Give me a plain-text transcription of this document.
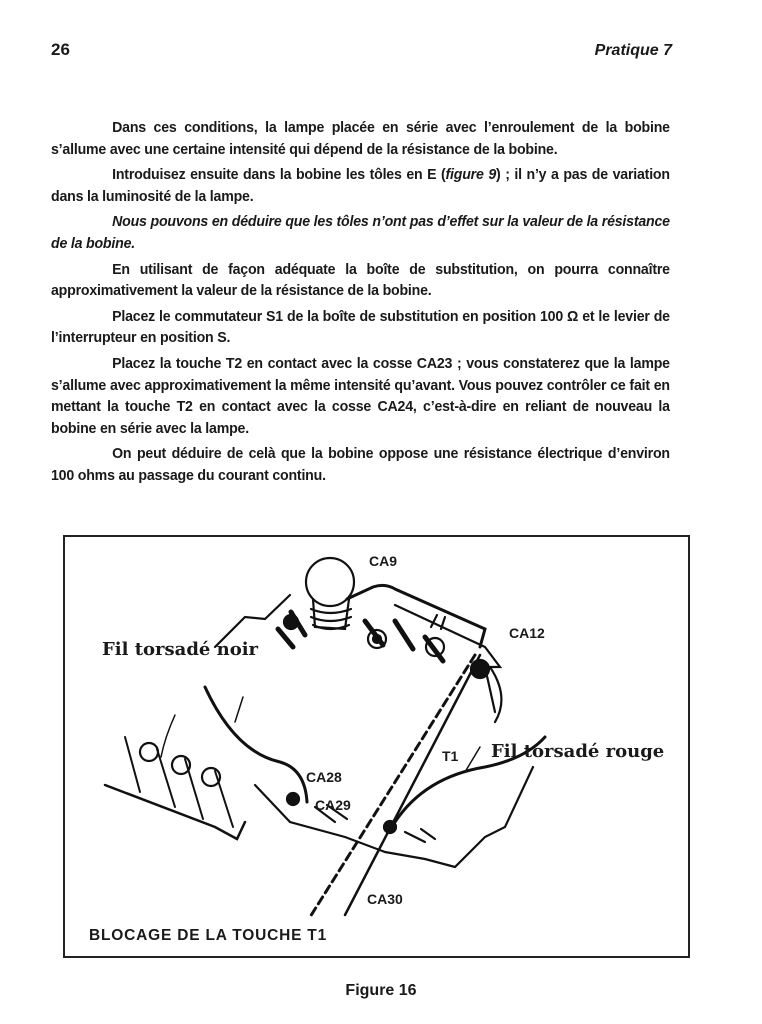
26	Pratique 7

Dans ces conditions, la lampe placée en série avec l’enroulement de la bobine s’allume avec une certaine intensité qui dépend de la résistance de la bobine.

Introduisez ensuite dans la bobine les tôles en E (figure 9) ; il n’y a pas de variation dans la luminosité de la lampe.

Nous pouvons en déduire que les tôles n’ont pas d’effet sur la valeur de la résistance de la bobine.

En utilisant de façon adéquate la boîte de substitution, on pourra connaître approximativement la valeur de la résistance de la bobine.

Placez le commutateur S1 de la boîte de substitution en position 100 Ω et le levier de l’interrupteur en position S.

Placez la touche T2 en contact avec la cosse CA23 ; vous constaterez que la lampe s’allume avec approximativement la même intensité qu’avant. Vous pouvez contrôler ce fait en mettant la touche T2 en contact avec la cosse CA24, c’est-à-dire en reliant de nouveau la bobine en série avec la lampe.

On peut déduire de celà que la bobine oppose une résistance électrique d’environ 100 ohms au passage du courant continu.

CA9
CA12
Fil torsadé noir
T1 Fil torsadé rouge
CA28
CA29
CA30
BLOCAGE DE LA TOUCHE T1
Figure 16
